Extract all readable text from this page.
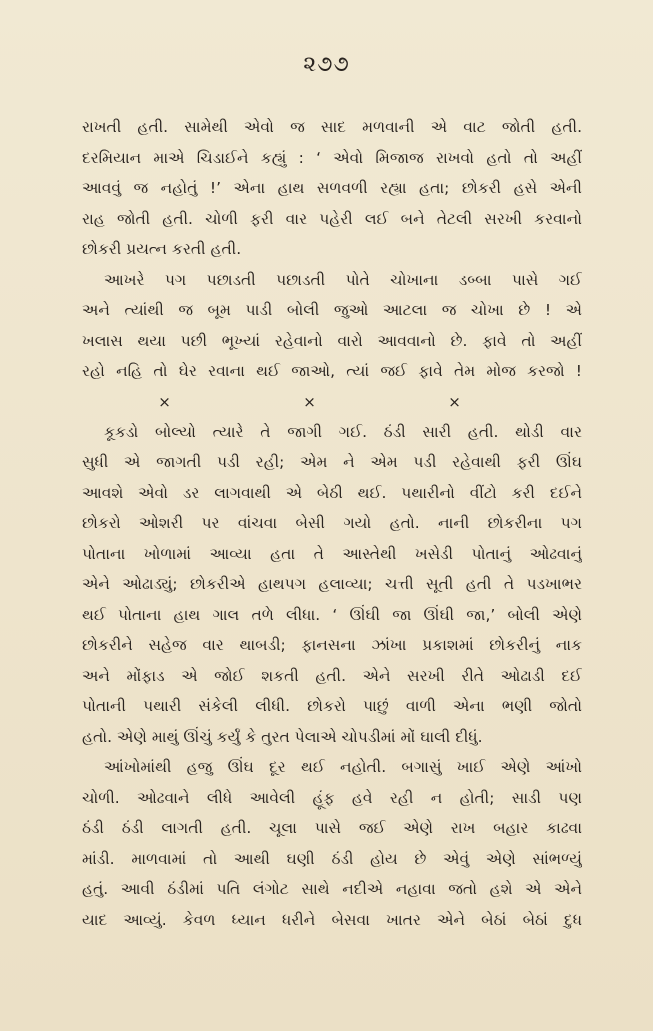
૨૭૭
રાખતી હતી. સામેથી એવો જ સાદ મળવાની એ વાટ જોતી હતી.
દરમિયાન માએ ચિડાઈને કહ્યું : ‘ એવો મિજાજ રાખવો હતો તો અહીં
આવવું જ નહોતું !’ એના હાથ સળવળી રહ્યા હતા; છોકરી હસે એની
રાહ જોતી હતી. ચોળી ફરી વાર પહેરી લઈ બને તેટલી સરખી કરવાનો
છોકરી પ્રયત્ન કરતી હતી.
આખરે પગ પછાડતી પછાડતી પોતે ચોખાના ડબ્બા પાસે ગઈ
અને ત્યાંથી જ બૂમ પાડી બોલી જુઓ આટલા જ ચોખા છે ! એ
ખલાસ થયા પછી ભૂખ્યાં રહેવાનો વારો આવવાનો છે. ફાવે તો અહીં
રહો નહિ તો ઘેર રવાના થઈ જાઓ, ત્યાં જઈ ફાવે તેમ મોજ કરજો !
×	×	×
કૂકડો બોલ્યો ત્યારે તે જાગી ગઈ. ઠંડી સારી હતી. થોડી વાર
સુધી એ જાગતી પડી રહી; એમ ને એમ પડી રહેવાથી ફરી ઊંઘ
આવશે એવો ડર લાગવાથી એ બેઠી થઈ. પથારીનો વીંટો કરી દઈને
છોકરો ઓશરી પર વાંચવા બેસી ગયો હતો. નાની છોકરીના પગ
પોતાના ખોળામાં આવ્યા હતા તે આસ્તેથી ખસેડી પોતાનું ઓઢવાનું
એને ઓઢાડ્યું; છોકરીએ હાથપગ હલાવ્યા; ચત્તી સૂતી હતી તે પડખાભર
થઈ પોતાના હાથ ગાલ તળે લીધા. ‘ ઊંઘી જા ઊંઘી જા,’ બોલી એણે
છોકરીને સહેજ વાર થાબડી; ફાનસના ઝાંખા પ્રકાશમાં છોકરીનું નાક
અને મોંફાડ એ જોઈ શકતી હતી. એને સરખી રીતે ઓઢાડી દઈ
પોતાની પથારી સંકેલી લીધી. છોકરો પાછું વાળી એના ભણી જોતો
હતો. એણે માથું ઊંચું કર્યું કે તુરત પેલાએ ચોપડીમાં મોં ઘાલી દીધું.
આંખોમાંથી હજુ ઊંઘ દૂર થઈ નહોતી. બગાસું ખાઈ એણે આંખો
ચોળી. ઓઢવાને લીધે આવેલી હૂંફ હવે રહી ન હોતી; સાડી પણ
ઠંડી ઠંડી લાગતી હતી. ચૂલા પાસે જઈ એણે રાખ બહાર કાઢવા
માંડી. માળવામાં તો આથી ઘણી ઠંડી હોય છે એવું એણે સાંભળ્યું
હતું. આવી ઠંડીમાં પતિ લંગોટ સાથે નદીએ નહાવા જતો હશે એ એને
યાદ આવ્યું. કેવળ ધ્યાન ધરીને બેસવા ખાતર એને બેઠાં બેઠાં દુધ
